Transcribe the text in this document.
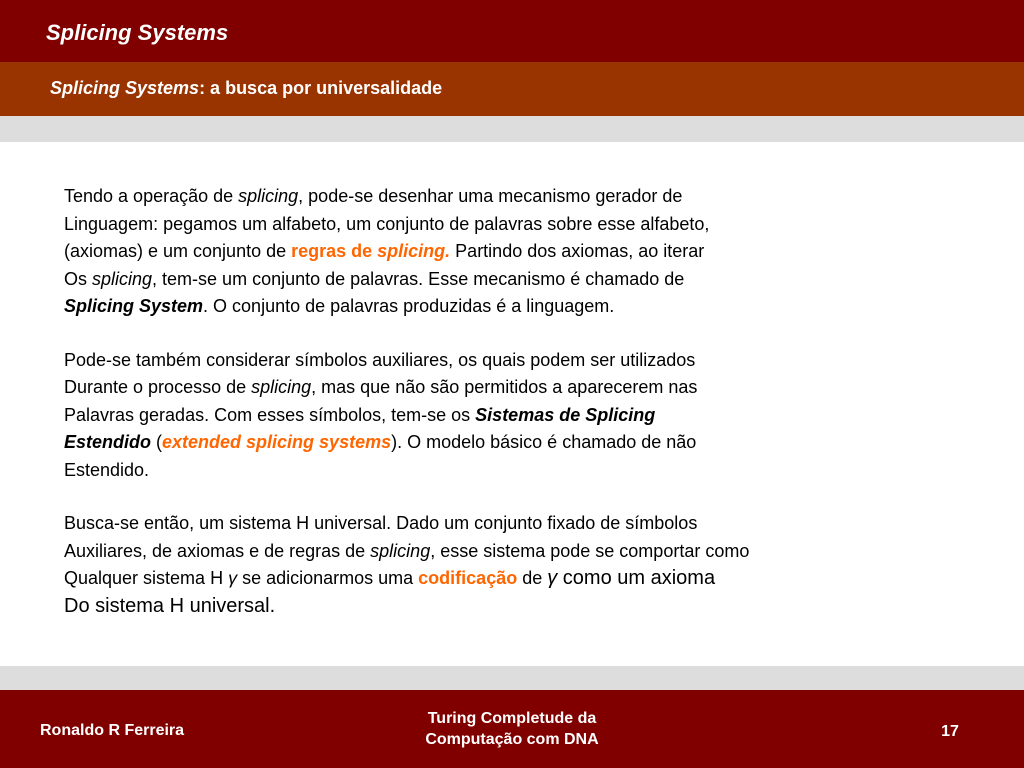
Splicing Systems
Splicing Systems: a busca por universalidade
Tendo a operação de splicing, pode-se desenhar uma mecanismo gerador de
Linguagem: pegamos um alfabeto, um conjunto de palavras sobre esse alfabeto,
(axiomas) e um conjunto de regras de splicing. Partindo dos axiomas, ao iterar
Os splicing, tem-se um conjunto de palavras. Esse mecanismo é chamado de
Splicing System. O conjunto de palavras produzidas é a linguagem.
Pode-se também considerar símbolos auxiliares, os quais podem ser utilizados
Durante o processo de splicing, mas que não são permitidos a aparecerem nas
Palavras geradas. Com esses símbolos, tem-se os Sistemas de Splicing
Estendido (extended splicing systems). O modelo básico é chamado de não
Estendido.
Busca-se então, um sistema H universal. Dado um conjunto fixado de símbolos
Auxiliares, de axiomas e de regras de splicing, esse sistema pode se comportar como
Qualquer sistema H γ se adicionarmos uma codificação de γ como um axioma
Do sistema H universal.
Ronaldo R Ferreira
Turing Completude da
Computação com DNA	17
